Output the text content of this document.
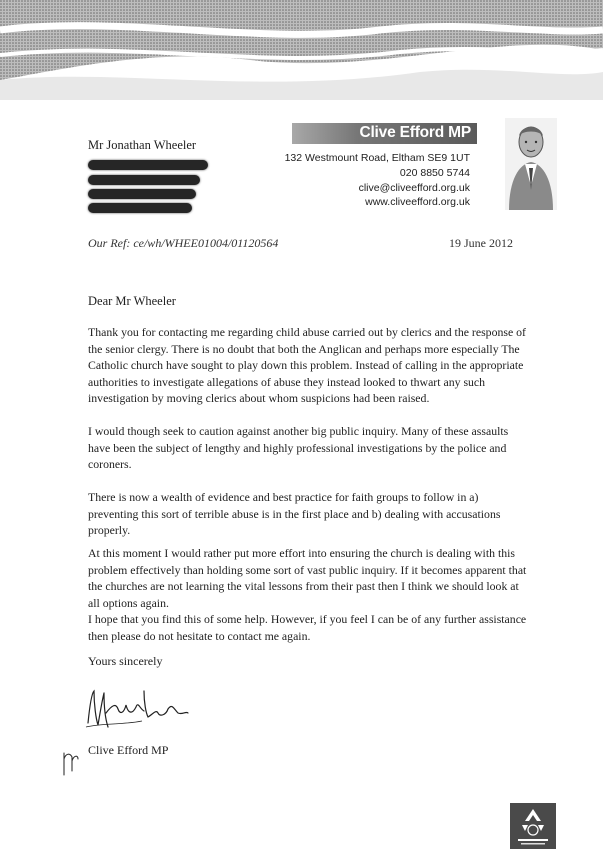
Mr Jonathan Wheeler
Clive Efford MP
132 Westmount Road, Eltham SE9 1UT
020 8850 5744
clive@cliveefford.org.uk
www.cliveefford.org.uk
Our Ref: ce/wh/WHEE01004/01120564	19 June 2012
Dear Mr Wheeler

Thank you for contacting me regarding child abuse carried out by clerics and the response of the senior clergy. There is no doubt that both the Anglican and perhaps more especially The Catholic church have sought to play down this problem. Instead of calling in the appropriate authorities to investigate allegations of abuse they instead looked to thwart any such investigation by moving clerics about whom suspicions had been raised.

I would though seek to caution against another big public inquiry. Many of these assaults have been the subject of lengthy and highly professional investigations by the police and coroners.

There is now a wealth of evidence and best practice for faith groups to follow in a) preventing this sort of terrible abuse is in the first place and b) dealing with accusations properly.

At this moment I would rather put more effort into ensuring the church is dealing with this problem effectively than holding some sort of vast public inquiry. If it becomes apparent that the churches are not learning the vital lessons from their past then I think we should look at all options again.

I hope that you find this of some help. However, if you feel I can be of any further assistance then please do not hesitate to contact me again.

Yours sincerely
Clive Efford MP
